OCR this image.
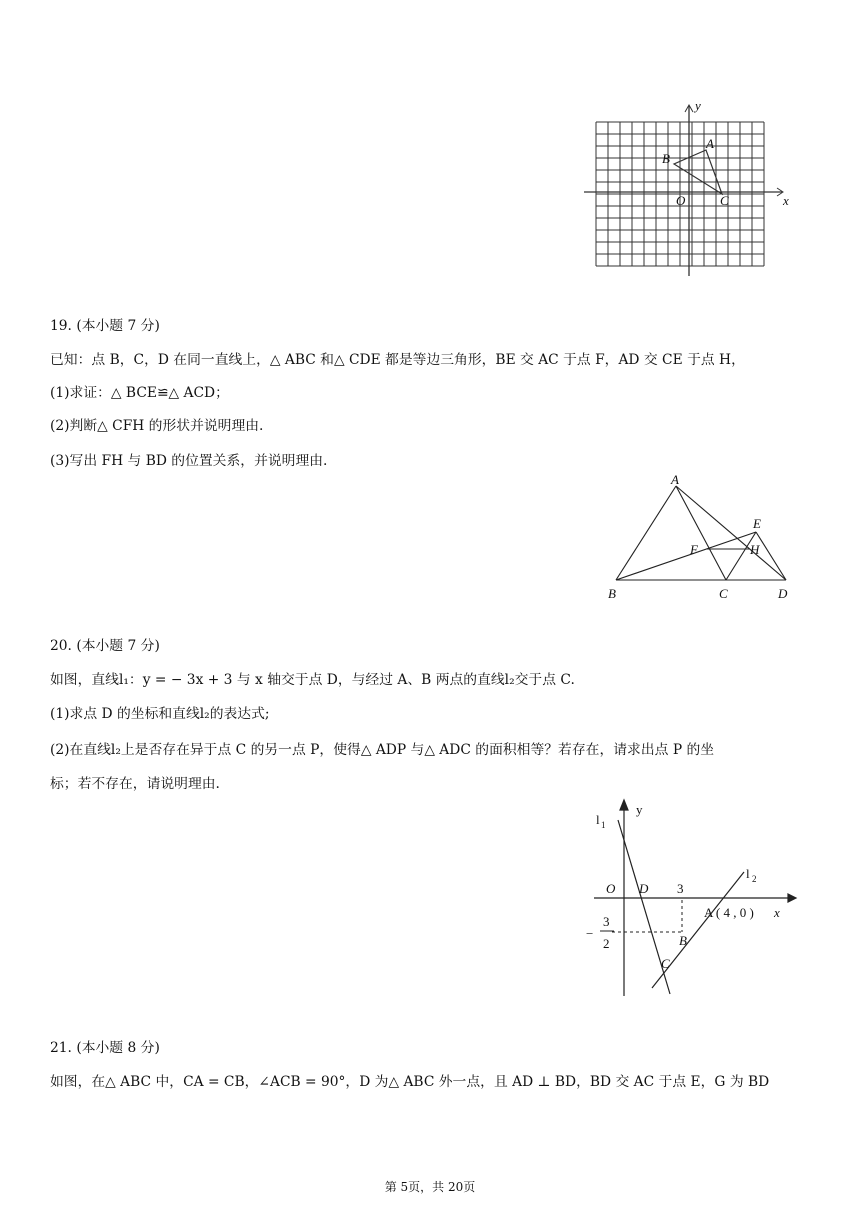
y
x
A
B
O	C
19. (本小题 7 分)
已知：点 B，C，D 在同一直线上，△ ABC 和△ CDE 都是等边三角形，BE 交 AC 于点 F，AD 交 CE 于点 H，
(1)求证：△ BCE≌△ ACD；
(2)判断△ CFH 的形状并说明理由.
(3)写出 FH 与 BD 的位置关系，并说明理由.
A
E
F	H
B	C	D
20. (本小题 7 分)
如图，直线l₁：y = − 3x + 3 与 x 轴交于点 D，与经过 A、B 两点的直线l₂交于点 C.
(1)求点 D 的坐标和直线l₂的表达式;
(2)在直线l₂上是否存在异于点 C 的另一点 P，使得△ ADP 与△ ADC 的面积相等？若存在，请求出点 P 的坐
标；若不存在，请说明理由.
y
l 1
l 2
O D 3
x
A ( 4 , 0 )
−
3
2	B
C
21. (本小题 8 分)
如图，在△ ABC 中，CA = CB，∠ACB = 90°，D 为△ ABC 外一点，且 AD ⊥ BD，BD 交 AC 于点 E，G 为 BD
第 5页，共 20页
